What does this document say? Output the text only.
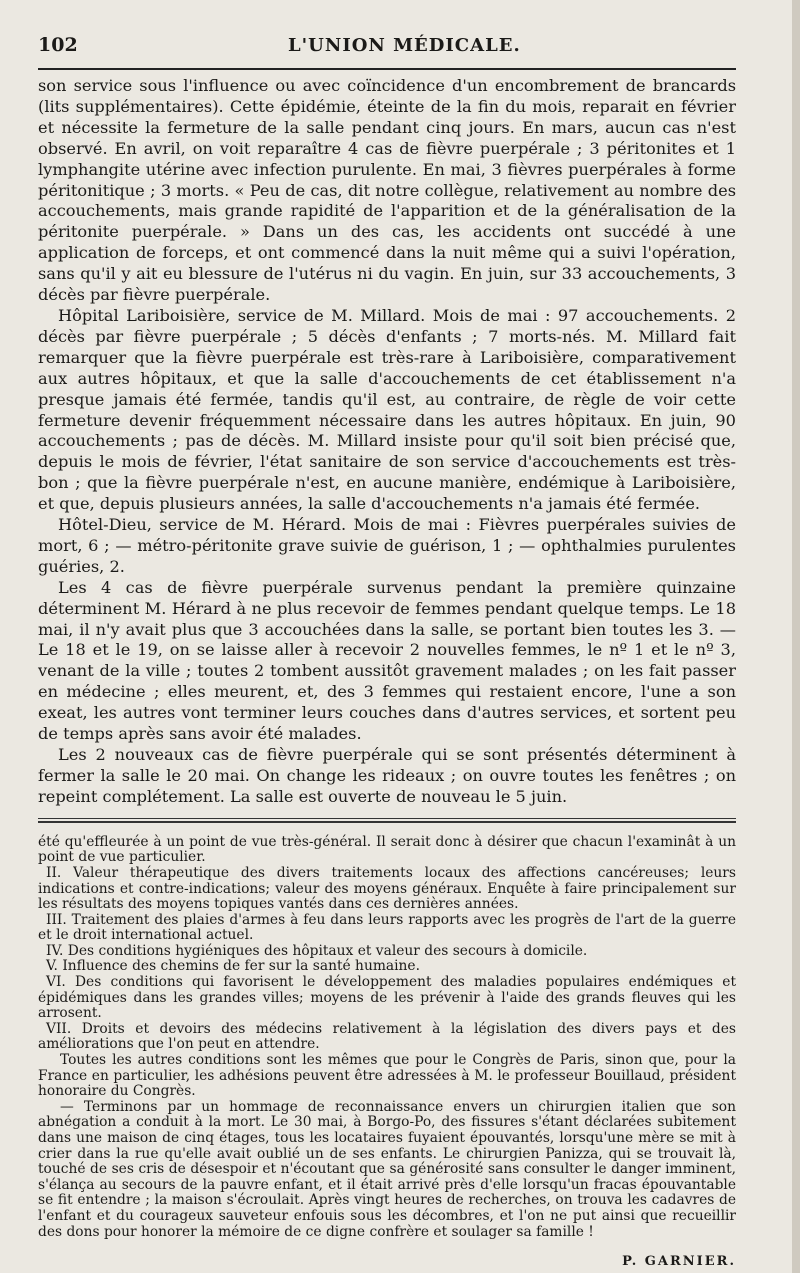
102	L'UNION MÉDICALE.

son service sous l'influence ou avec coïncidence d'un encombrement de brancards (lits supplémentaires). Cette épidémie, éteinte de la fin du mois, reparait en février et nécessite la fermeture de la salle pendant cinq jours. En mars, aucun cas n'est observé. En avril, on voit reparaître 4 cas de fièvre puerpérale ; 3 péritonites et 1 lymphangite utérine avec infection purulente. En mai, 3 fièvres puerpérales à forme péritonitique ; 3 morts. « Peu de cas, dit notre collègue, relativement au nombre des accouchements, mais grande rapidité de l'apparition et de la généralisation de la péritonite puerpérale. » Dans un des cas, les accidents ont succédé à une application de forceps, et ont commencé dans la nuit même qui a suivi l'opération, sans qu'il y ait eu blessure de l'utérus ni du vagin. En juin, sur 33 accouchements, 3 décès par fièvre puerpérale.

Hôpital Lariboisière, service de M. Millard. Mois de mai : 97 accouchements. 2 décès par fièvre puerpérale ; 5 décès d'enfants ; 7 morts-nés. M. Millard fait remarquer que la fièvre puerpérale est très-rare à Lariboisière, comparativement aux autres hôpitaux, et que la salle d'accouchements de cet établissement n'a presque jamais été fermée, tandis qu'il est, au contraire, de règle de voir cette fermeture devenir fréquemment nécessaire dans les autres hôpitaux. En juin, 90 accouchements ; pas de décès. M. Millard insiste pour qu'il soit bien précisé que, depuis le mois de février, l'état sanitaire de son service d'accouchements est très-bon ; que la fièvre puerpérale n'est, en aucune manière, endémique à Lariboisière, et que, depuis plusieurs années, la salle d'accouchements n'a jamais été fermée.

Hôtel-Dieu, service de M. Hérard. Mois de mai : Fièvres puerpérales suivies de mort, 6 ; — métro-péritonite grave suivie de guérison, 1 ; — ophthalmies purulentes guéries, 2.

Les 4 cas de fièvre puerpérale survenus pendant la première quinzaine déterminent M. Hérard à ne plus recevoir de femmes pendant quelque temps. Le 18 mai, il n'y avait plus que 3 accouchées dans la salle, se portant bien toutes les 3. — Le 18 et le 19, on se laisse aller à recevoir 2 nouvelles femmes, le nº 1 et le nº 3, venant de la ville ; toutes 2 tombent aussitôt gravement malades ; on les fait passer en médecine ; elles meurent, et, des 3 femmes qui restaient encore, l'une a son exeat, les autres vont terminer leurs couches dans d'autres services, et sortent peu de temps après sans avoir été malades.

Les 2 nouveaux cas de fièvre puerpérale qui se sont présentés déterminent à fermer la salle le 20 mai. On change les rideaux ; on ouvre toutes les fenêtres ; on repeint complétement. La salle est ouverte de nouveau le 5 juin.

été qu'effleurée à un point de vue très-général. Il serait donc à désirer que chacun l'examinât à un point de vue particulier.

II. Valeur thérapeutique des divers traitements locaux des affections cancéreuses; leurs indications et contre-indications; valeur des moyens généraux. Enquête à faire principalement sur les résultats des moyens topiques vantés dans ces dernières années.

III. Traitement des plaies d'armes à feu dans leurs rapports avec les progrès de l'art de la guerre et le droit international actuel.

IV. Des conditions hygiéniques des hôpitaux et valeur des secours à domicile.

V. Influence des chemins de fer sur la santé humaine.

VI. Des conditions qui favorisent le développement des maladies populaires endémiques et épidémiques dans les grandes villes; moyens de les prévenir à l'aide des grands fleuves qui les arrosent.

VII. Droits et devoirs des médecins relativement à la législation des divers pays et des améliorations que l'on peut en attendre.

Toutes les autres conditions sont les mêmes que pour le Congrès de Paris, sinon que, pour la France en particulier, les adhésions peuvent être adressées à M. le professeur Bouillaud, président honoraire du Congrès.

— Terminons par un hommage de reconnaissance envers un chirurgien italien que son abnégation a conduit à la mort. Le 30 mai, à Borgo-Po, des fissures s'étant déclarées subitement dans une maison de cinq étages, tous les locataires fuyaient épouvantés, lorsqu'une mère se mit à crier dans la rue qu'elle avait oublié un de ses enfants. Le chirurgien Panizza, qui se trouvait là, touché de ses cris de désespoir et n'écoutant que sa générosité sans consulter le danger imminent, s'élança au secours de la pauvre enfant, et il était arrivé près d'elle lorsqu'un fracas épouvantable se fit entendre ; la maison s'écroulait. Après vingt heures de recherches, on trouva les cadavres de l'enfant et du courageux sauveteur enfouis sous les décombres, et l'on ne put ainsi que recueillir des dons pour honorer la mémoire de ce digne confrère et soulager sa famille !

P. GARNIER.
